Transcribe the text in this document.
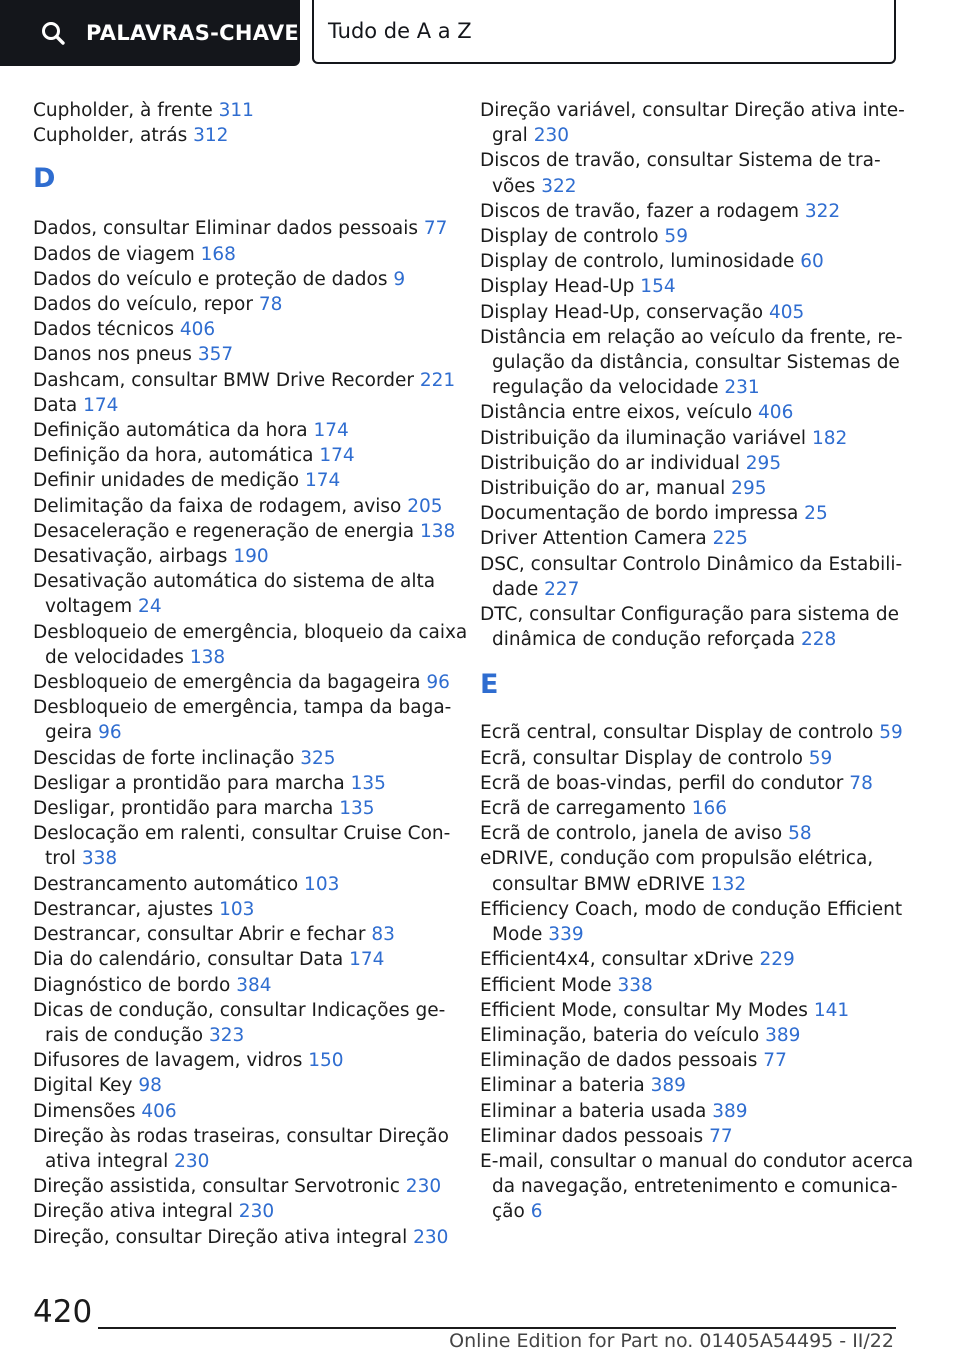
PALAVRAS-CHAVE Tudo de A a Z
Cupholder, à frente 311
Cupholder, atrás 312
D
Dados, consultar Eliminar dados pessoais 77
Dados de viagem 168
Dados do veículo e proteção de dados 9
Dados do veículo, repor 78
Dados técnicos 406
Danos nos pneus 357
Dashcam, consultar BMW Drive Recorder 221
Data 174
Definição automática da hora 174
Definição da hora, automática 174
Definir unidades de medição 174
Delimitação da faixa de rodagem, aviso 205
Desaceleração e regeneração de energia 138
Desativação, airbags 190
Desativação automática do sistema de alta
voltagem 24
Desbloqueio de emergência, bloqueio da caixa
de velocidades 138
Desbloqueio de emergência da bagageira 96
Desbloqueio de emergência, tampa da baga-
geira 96
Descidas de forte inclinação 325
Desligar a prontidão para marcha 135
Desligar, prontidão para marcha 135
Deslocação em ralenti, consultar Cruise Con-
trol 338
Destrancamento automático 103
Destrancar, ajustes 103
Destrancar, consultar Abrir e fechar 83
Dia do calendário, consultar Data 174
Diagnóstico de bordo 384
Dicas de condução, consultar Indicações ge-
rais de condução 323
Difusores de lavagem, vidros 150
Digital Key 98
Dimensões 406
Direção às rodas traseiras, consultar Direção
ativa integral 230
Direção assistida, consultar Servotronic 230
Direção ativa integral 230
Direção, consultar Direção ativa integral 230
Direção variável, consultar Direção ativa inte-
gral 230
Discos de travão, consultar Sistema de tra-
vões 322
Discos de travão, fazer a rodagem 322
Display de controlo 59
Display de controlo, luminosidade 60
Display Head-Up 154
Display Head-Up, conservação 405
Distância em relação ao veículo da frente, re-
gulação da distância, consultar Sistemas de
regulação da velocidade 231
Distância entre eixos, veículo 406
Distribuição da iluminação variável 182
Distribuição do ar individual 295
Distribuição do ar, manual 295
Documentação de bordo impressa 25
Driver Attention Camera 225
DSC, consultar Controlo Dinâmico da Estabili-
dade 227
DTC, consultar Configuração para sistema de
dinâmica de condução reforçada 228
E
Ecrã central, consultar Display de controlo 59
Ecrã, consultar Display de controlo 59
Ecrã de boas-vindas, perfil do condutor 78
Ecrã de carregamento 166
Ecrã de controlo, janela de aviso 58
eDRIVE, condução com propulsão elétrica,
consultar BMW eDRIVE 132
Efficiency Coach, modo de condução Efficient
Mode 339
Efficient4x4, consultar xDrive 229
Efficient Mode 338
Efficient Mode, consultar My Modes 141
Eliminação, bateria do veículo 389
Eliminação de dados pessoais 77
Eliminar a bateria 389
Eliminar a bateria usada 389
Eliminar dados pessoais 77
E-mail, consultar o manual do condutor acerca
da navegação, entretenimento e comunica-
ção 6
420
Online Edition for Part no. 01405A54495 - II/22
